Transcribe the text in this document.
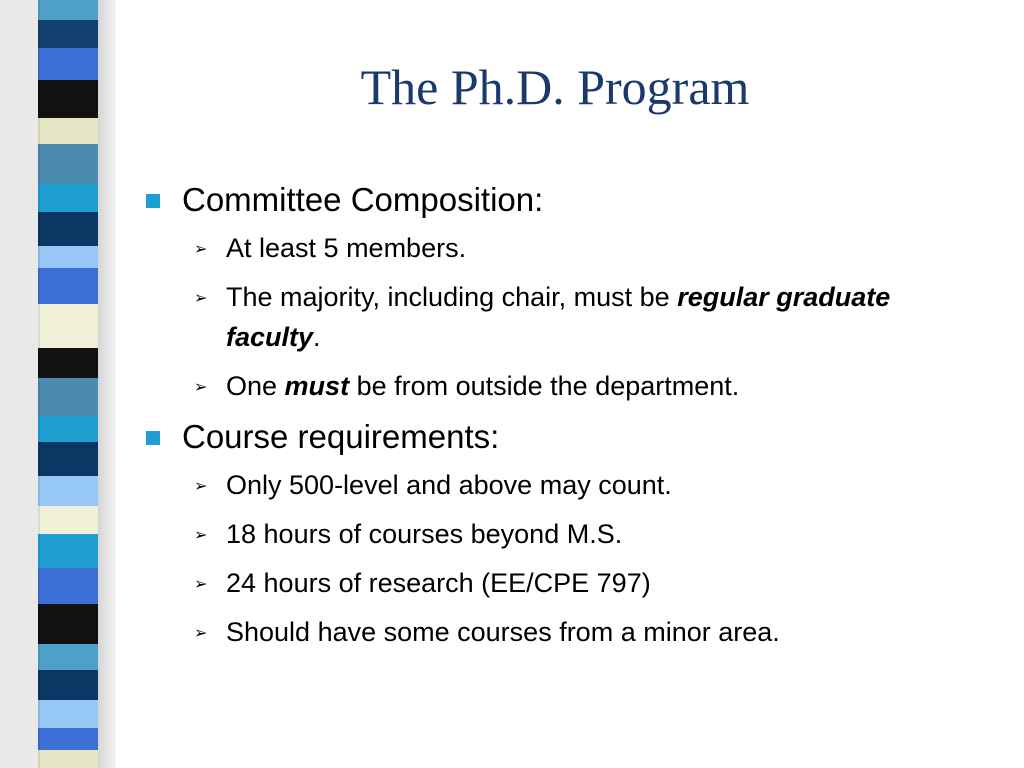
The Ph.D. Program
Committee Composition:
➢ At least 5 members.
➢ The majority, including chair, must be regular graduate faculty.
➢ One must be from outside the department.
Course requirements:
➢ Only 500-level and above may count.
➢ 18 hours of courses beyond M.S.
➢ 24 hours of research (EE/CPE 797)
➢ Should have some courses from a minor area.
